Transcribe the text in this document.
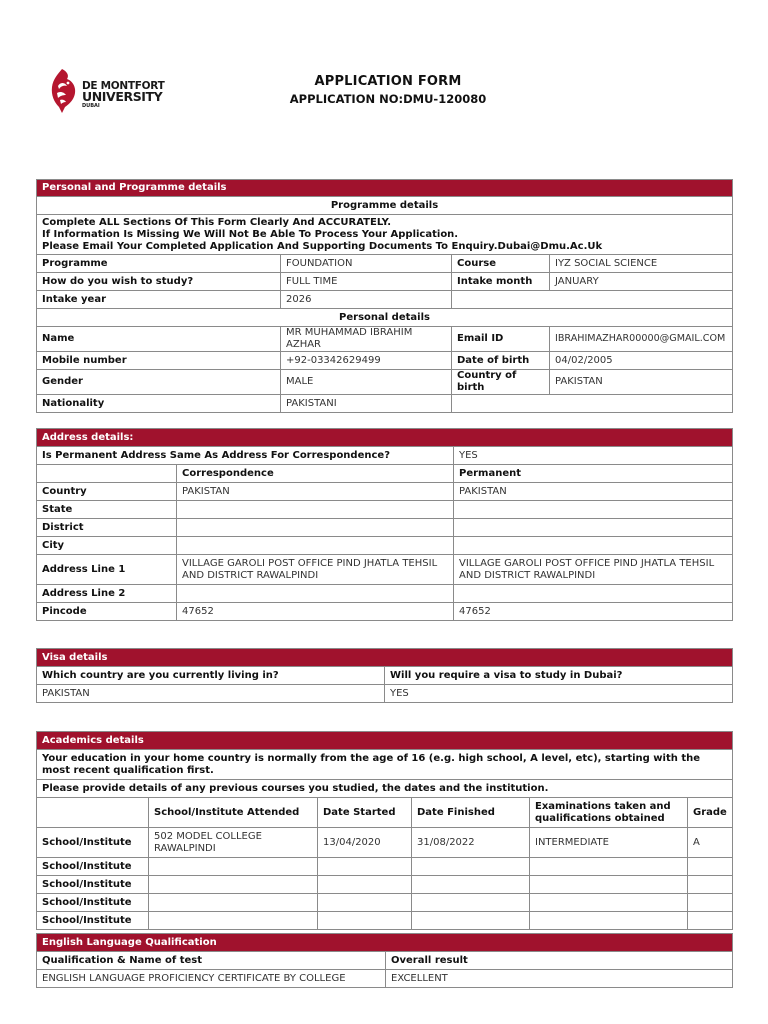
DE MONTFORT
UNIVERSITY
DUBAI
APPLICATION FORM
APPLICATION NO:DMU-120080
Personal and Programme details			
Programme details			

Complete ALL Sections Of This Form Clearly And ACCURATELY.
If Information Is Missing We Will Not Be Able To Process Your Application.
Please Email Your Completed Application And Supporting Documents To Enquiry.Dubai@Dmu.Ac.Uk			

Programme	FOUNDATION	Course	IYZ SOCIAL SCIENCE
How do you wish to study?	FULL TIME	Intake month	JANUARY
Intake year	2026		
Personal details			
Name	MR MUHAMMAD IBRAHIM AZHAR	Email ID	IBRAHIMAZHAR00000@GMAIL.COM
Mobile number	+92-03342629499	Date of birth	04/02/2005
Gender	MALE	Country of birth	PAKISTAN
Nationality	PAKISTANI		
Address details:		
Is Permanent Address Same As Address For Correspondence?		YES
	Correspondence	Permanent
Country	PAKISTAN	PAKISTAN
State		
District		
City		
Address Line 1	VILLAGE GAROLI POST OFFICE PIND JHATLA TEHSIL AND DISTRICT RAWALPINDI	VILLAGE GAROLI POST OFFICE PIND JHATLA TEHSIL AND DISTRICT RAWALPINDI
Address Line 2		
Pincode	47652	47652
Visa details	
Which country are you currently living in?	Will you require a visa to study in Dubai?
PAKISTAN	YES
Academics details					
Your education in your home country is normally from the age of 16 (e.g. high school, A level, etc), starting with the most recent qualification first.					
Please provide details of any previous courses you studied, the dates and the institution.					
	School/Institute Attended	Date Started	Date Finished	Examinations taken and qualifications obtained	Grade
School/Institute	502 MODEL COLLEGE RAWALPINDI	13/04/2020	31/08/2022	INTERMEDIATE	A
School/Institute					
School/Institute					
School/Institute					
School/Institute					
English Language Qualification	
Qualification & Name of test	Overall result
ENGLISH LANGUAGE PROFICIENCY CERTIFICATE BY COLLEGE	EXCELLENT
